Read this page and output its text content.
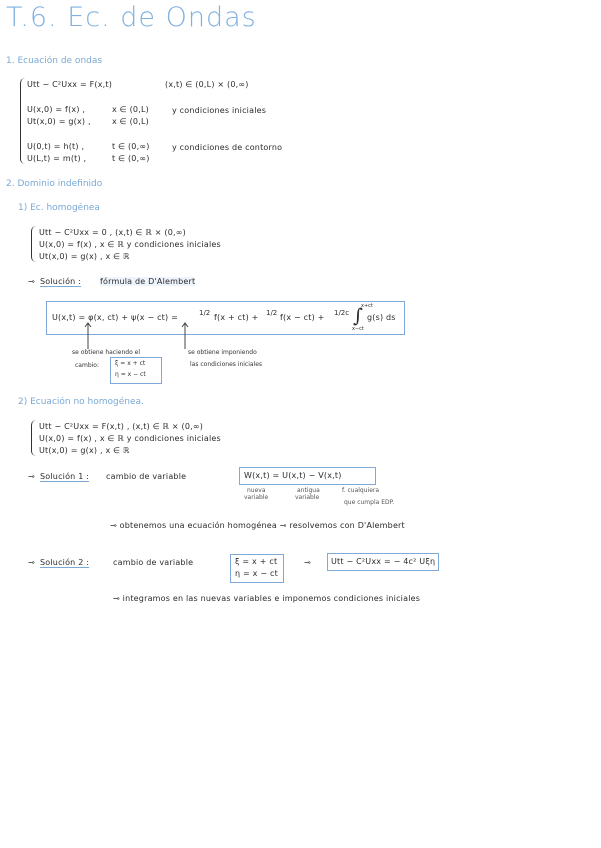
T.6. Ec. de Ondas
1. Ecuación de ondas
Utt − C²Uxx = F(x,t)	(x,t) ∈ (0,L) × (0,∞)
U(x,0) = f(x) ,	x ∈ (0,L)
Ut(x,0) = g(x) ,	x ∈ (0,L)
y condiciones iniciales
U(0,t) = h(t) ,	t ∈ (0,∞)
U(L,t) = m(t) ,	t ∈ (0,∞)
y condiciones de contorno
2. Dominio indefinido
1) Ec. homogénea
Utt − C²Uxx = 0 , (x,t) ∈ ℝ × (0,∞)
U(x,0) = f(x) , x ∈ ℝ y condiciones iniciales
Ut(x,0) = g(x) , x ∈ ℝ
⊸ Solución : fórmula de D'Alembert
U(x,t) = φ(x, ct) + ψ(x − ct) =	1/2 f(x + ct) + 1/2 f(x − ct) + 1/2c ∫
x+ct
x−ct
g(s) ds
se obtiene haciendo el
cambio:	ξ = x + ct
η = x − ct
se obtiene imponiendo
las condiciones iniciales
2) Ecuación no homogénea.
Utt − C²Uxx = F(x,t) , (x,t) ∈ ℝ × (0,∞)
U(x,0) = f(x) , x ∈ ℝ y condiciones iniciales
Ut(x,0) = g(x) , x ∈ ℝ
⊸ Solución 1 : cambio de variable	W(x,t) = U(x,t) − V(x,t)
nueva
variable
antigua
variable
f. cualquiera
que cumpla EDP.
⊸ obtenemos una ecuación homogénea ⊸ resolvemos con D'Alembert
⊸ Solución 2 :	cambio de variable	ξ = x + ct
η = x − ct
⊸	Utt − C²Uxx = − 4c² Uξη
⊸ integramos en las nuevas variables e imponemos condiciones iniciales
